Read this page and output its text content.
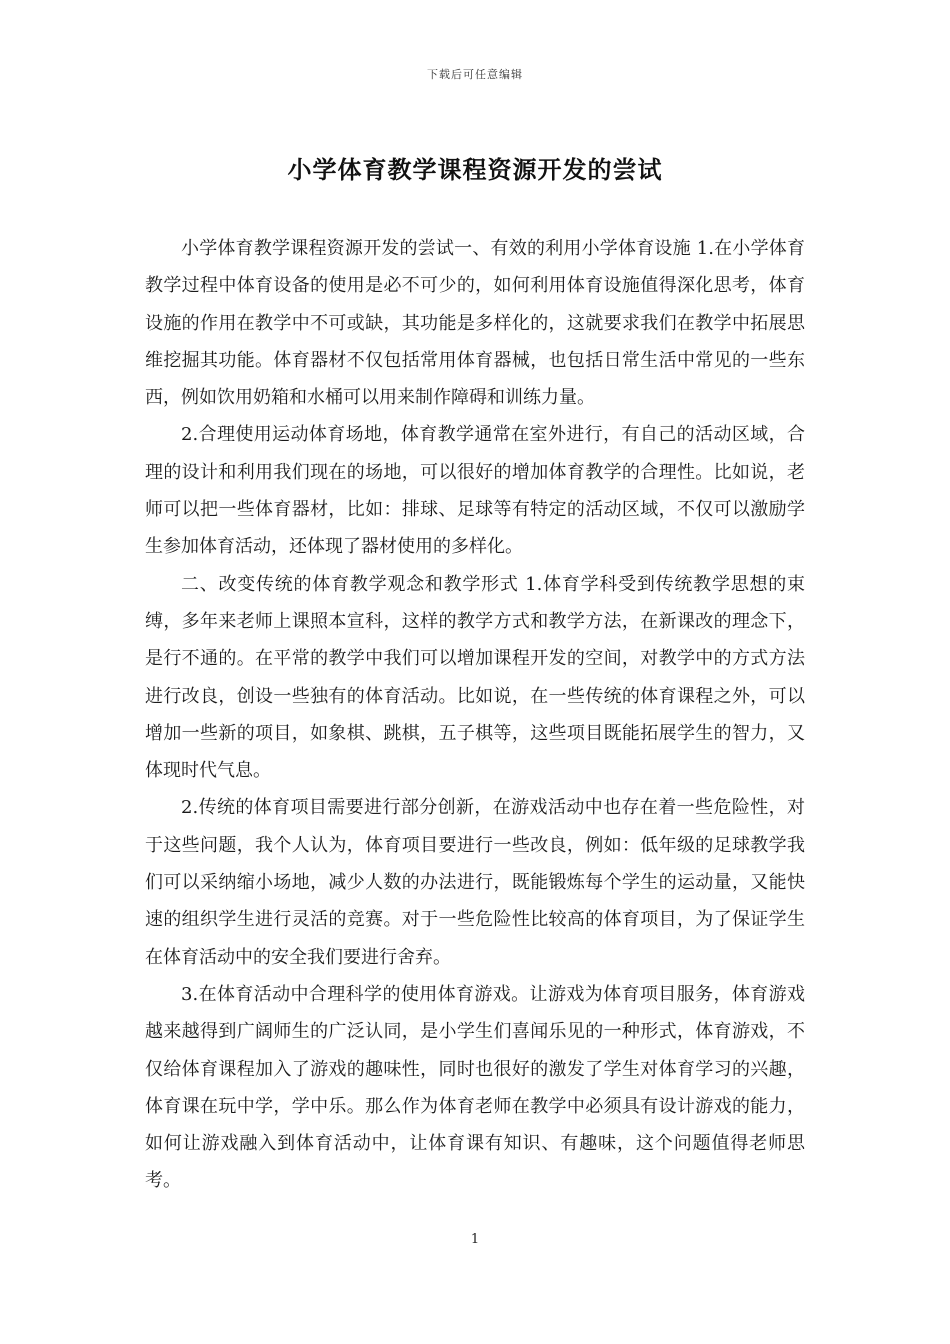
下载后可任意编辑
小学体育教学课程资源开发的尝试

小学体育教学课程资源开发的尝试一、有效的利用小学体育设施 1.在小学体育教学过程中体育设备的使用是必不可少的，如何利用体育设施值得深化思考，体育设施的作用在教学中不可或缺，其功能是多样化的，这就要求我们在教学中拓展思维挖掘其功能。体育器材不仅包括常用体育器械，也包括日常生活中常见的一些东西，例如饮用奶箱和水桶可以用来制作障碍和训练力量。

2.合理使用运动体育场地，体育教学通常在室外进行，有自己的活动区域，合理的设计和利用我们现在的场地，可以很好的增加体育教学的合理性。比如说，老师可以把一些体育器材，比如：排球、足球等有特定的活动区域，不仅可以激励学生参加体育活动，还体现了器材使用的多样化。

二、改变传统的体育教学观念和教学形式 1.体育学科受到传统教学思想的束缚，多年来老师上课照本宣科，这样的教学方式和教学方法，在新课改的理念下，是行不通的。在平常的教学中我们可以增加课程开发的空间，对教学中的方式方法进行改良，创设一些独有的体育活动。比如说，在一些传统的体育课程之外，可以增加一些新的项目，如象棋、跳棋，五子棋等，这些项目既能拓展学生的智力，又体现时代气息。

2.传统的体育项目需要进行部分创新，在游戏活动中也存在着一些危险性，对于这些问题，我个人认为，体育项目要进行一些改良，例如：低年级的足球教学我们可以采纳缩小场地，减少人数的办法进行，既能锻炼每个学生的运动量，又能快速的组织学生进行灵活的竞赛。对于一些危险性比较高的体育项目，为了保证学生在体育活动中的安全我们要进行舍弃。

3.在体育活动中合理科学的使用体育游戏。让游戏为体育项目服务，体育游戏越来越得到广阔师生的广泛认同，是小学生们喜闻乐见的一种形式，体育游戏，不仅给体育课程加入了游戏的趣味性，同时也很好的激发了学生对体育学习的兴趣，体育课在玩中学，学中乐。那么作为体育老师在教学中必须具有设计游戏的能力，如何让游戏融入到体育活动中，让体育课有知识、有趣味，这个问题值得老师思考。

1
